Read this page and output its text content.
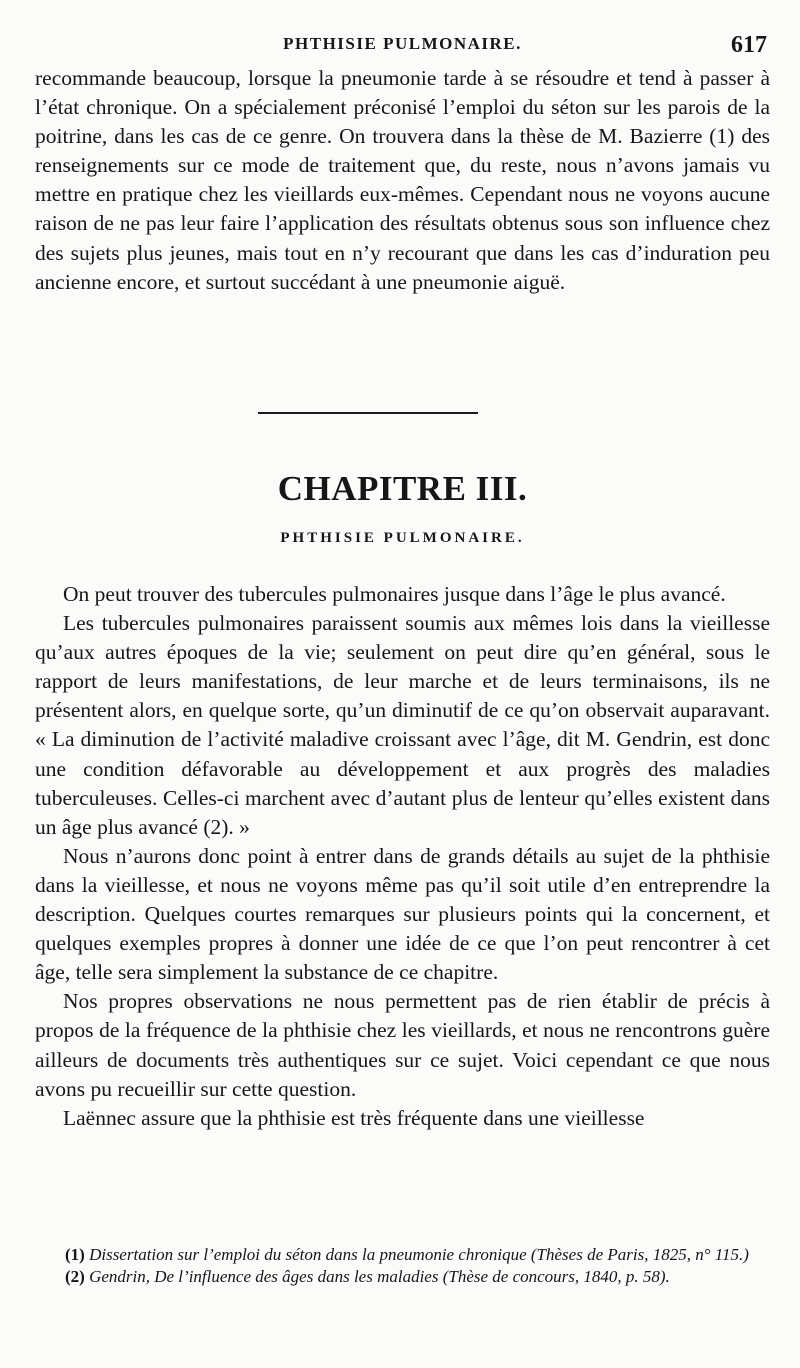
PHTHISIE PULMONAIRE.	617

recommande beaucoup, lorsque la pneumonie tarde à se résoudre et tend à passer à l’état chronique. On a spécialement préconisé l’emploi du séton sur les parois de la poitrine, dans les cas de ce genre. On trouvera dans la thèse de M. Bazierre (1) des renseignements sur ce mode de traitement que, du reste, nous n’avons jamais vu mettre en pratique chez les vieillards eux-mêmes. Cependant nous ne voyons aucune raison de ne pas leur faire l’application des résultats obtenus sous son influence chez des sujets plus jeunes, mais tout en n’y recourant que dans les cas d’induration peu ancienne encore, et surtout succédant à une pneumonie aiguë.

CHAPITRE III.
PHTHISIE PULMONAIRE.

On peut trouver des tubercules pulmonaires jusque dans l’âge le plus avancé.

Les tubercules pulmonaires paraissent soumis aux mêmes lois dans la vieillesse qu’aux autres époques de la vie; seulement on peut dire qu’en général, sous le rapport de leurs manifestations, de leur marche et de leurs terminaisons, ils ne présentent alors, en quelque sorte, qu’un diminutif de ce qu’on observait auparavant. « La diminution de l’activité maladive croissant avec l’âge, dit M. Gendrin, est donc une condition défavorable au développement et aux progrès des maladies tuberculeuses. Celles-ci marchent avec d’autant plus de lenteur qu’elles existent dans un âge plus avancé (2). »

Nous n’aurons donc point à entrer dans de grands détails au sujet de la phthisie dans la vieillesse, et nous ne voyons même pas qu’il soit utile d’en entreprendre la description. Quelques courtes remarques sur plusieurs points qui la concernent, et quelques exemples propres à donner une idée de ce que l’on peut rencontrer à cet âge, telle sera simplement la substance de ce chapitre.

Nos propres observations ne nous permettent pas de rien établir de précis à propos de la fréquence de la phthisie chez les vieillards, et nous ne rencontrons guère ailleurs de documents très authentiques sur ce sujet. Voici cependant ce que nous avons pu recueillir sur cette question.

Laënnec assure que la phthisie est très fréquente dans une vieillesse

(1) Dissertation sur l’emploi du séton dans la pneumonie chronique (Thèses de Paris, 1825, n° 115.)

(2) Gendrin, De l’influence des âges dans les maladies (Thèse de concours, 1840, p. 58).
